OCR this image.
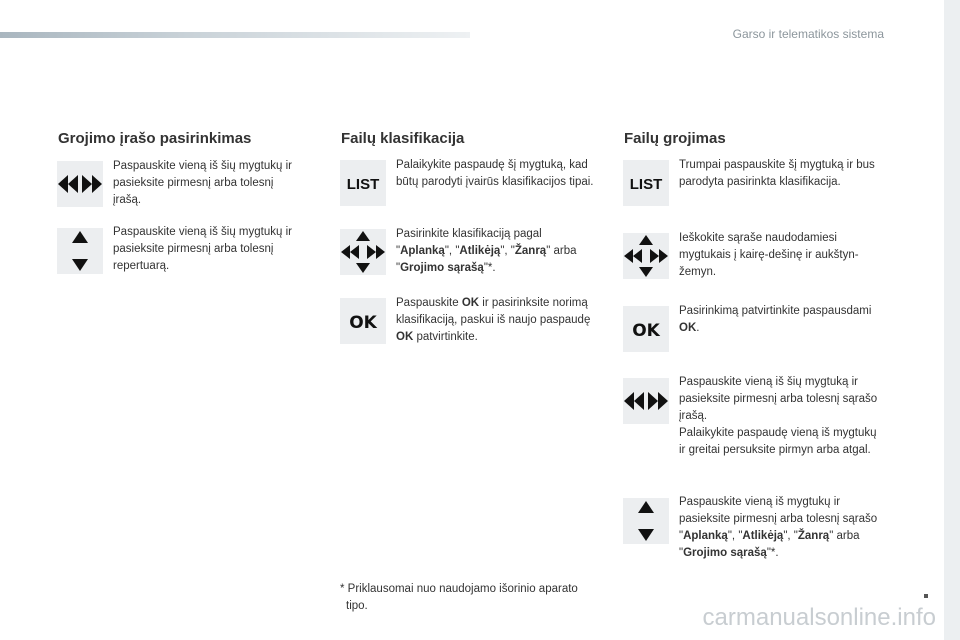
Garso ir telematikos sistema
Grojimo įrašo pasirinkimas
Paspauskite vieną iš šių mygtukų ir pasieksite pirmesnį arba tolesnį įrašą.
Paspauskite vieną iš šių mygtukų ir pasieksite pirmesnį arba tolesnį repertuarą.
Failų klasifikacija
LIST
Palaikykite paspaudę šį mygtuką, kad būtų parodyti įvairūs klasifikacijos tipai.
Pasirinkite klasifikaciją pagal "Aplanką", "Atlikėją", "Žanrą" arba "Grojimo sąrašą"*.
OK
Paspauskite OK ir pasirinksite norimą klasifikaciją, paskui iš naujo paspaudę OK patvirtinkite.
Failų grojimas
LIST
Trumpai paspauskite šį mygtuką ir bus parodyta pasirinkta klasifikacija.
Ieškokite sąraše naudodamiesi mygtukais į kairę-dešinę ir aukštyn-žemyn.
OK
Pasirinkimą patvirtinkite paspausdami OK.
Paspauskite vieną iš šių mygtuką ir pasieksite pirmesnį arba tolesnį sąrašo įrašą.
Palaikykite paspaudę vieną iš mygtukų ir greitai persuksite pirmyn arba atgal.
Paspauskite vieną iš mygtukų ir pasieksite pirmesnį arba tolesnį sąrašo "Aplanką", "Atlikėją", "Žanrą" arba "Grojimo sąrašą"*.
* Priklausomai nuo naudojamo išorinio aparato
tipo.	carmanualsonline.info
